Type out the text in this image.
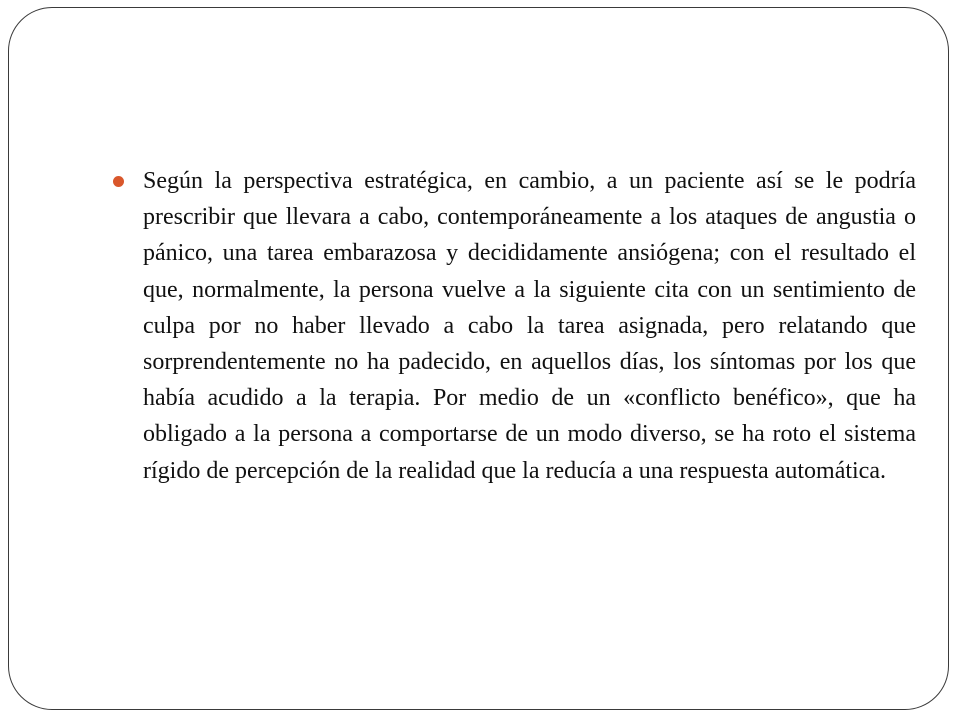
Según la perspectiva estratégica, en cambio, a un paciente así se le podría prescribir que llevara a cabo, contemporáneamente a los ataques de angustia o pánico, una tarea embarazosa y decididamente ansiógena; con el resultado el que, normalmente, la persona vuelve a la siguiente cita con un sentimiento de culpa por no haber llevado a cabo la tarea asignada, pero relatando que sorprendentemente no ha padecido, en aquellos días, los síntomas por los que había acudido a la terapia. Por medio de un «conflicto benéfico», que ha obligado a la persona a comportarse de un modo diverso, se ha roto el sistema rígido de percepción de la realidad que la reducía a una respuesta automática.
